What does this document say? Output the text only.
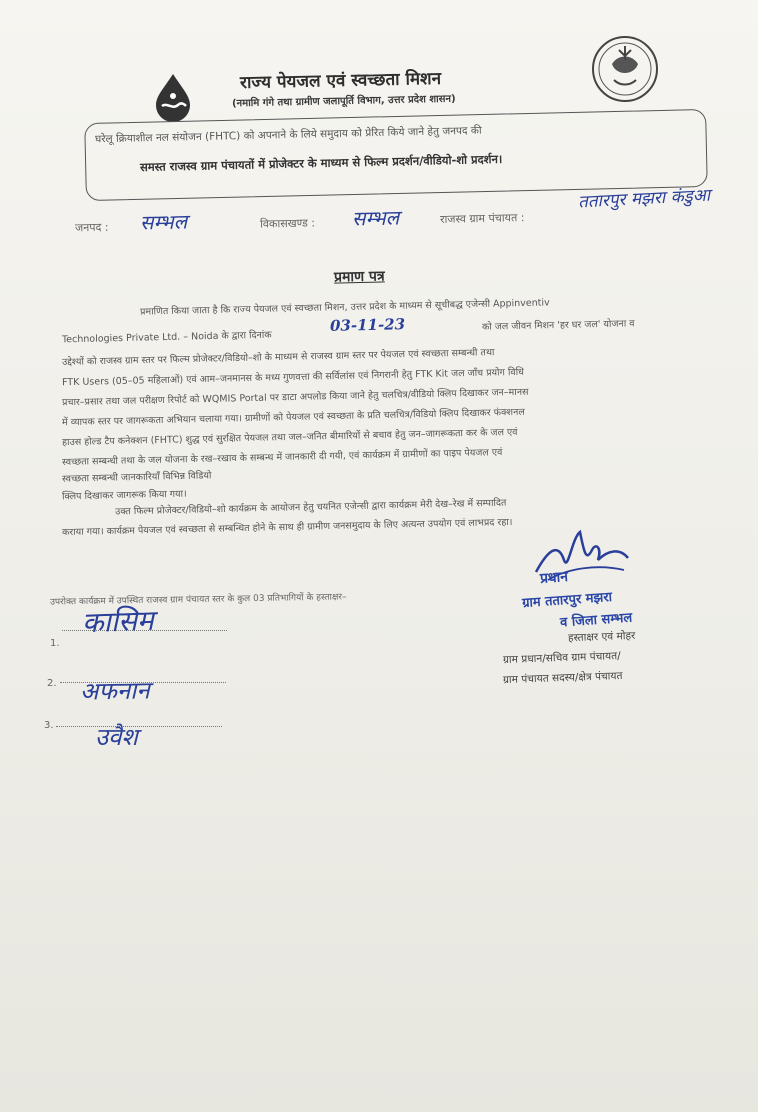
राज्य पेयजल एवं स्वच्छता मिशन
(नमामि गंगे तथा ग्रामीण जलापूर्ति विभाग, उत्तर प्रदेश शासन)
घरेलू क्रियाशील नल संयोजन (FHTC) को अपनाने के लिये समुदाय को प्रेरित किये जाने हेतु जनपद की
समस्त राजस्व ग्राम पंचायतों में प्रोजेक्टर के माध्यम से फिल्म प्रदर्शन/वीडियो-शो प्रदर्शन।
जनपद : सम्भल	विकासखण्ड : सम्भल	राजस्व ग्राम पंचायत :
ततारपुर मझरा कंडुआ
प्रमाण पत्र
प्रमाणित किया जाता है कि राज्य पेयजल एवं स्वच्छता मिशन, उत्तर प्रदेश के माध्यम से सूचीबद्ध एजेन्सी Appinventiv
Technologies Private Ltd. – Noida के द्वारा दिनांक
03-11-23	को जल जीवन मिशन 'हर घर जल' योजना व
उद्देश्यों को राजस्व ग्राम स्तर पर फिल्म प्रोजेक्टर/विडियो–शो के माध्यम से राजस्व ग्राम स्तर पर पेयजल एवं स्वच्छता सम्बन्धी तथा
FTK Users (05–05 महिलाओं) एवं आम–जनमानस के मध्य गुणवत्ता की सर्विलांस एवं निगरानी हेतु FTK Kit जल जाँच प्रयोग विधि
प्रचार–प्रसार तथा जल परीक्षण रिपोर्ट को WQMIS Portal पर डाटा अपलोड किया जाने हेतु चलचित्र/वीडियो क्लिप दिखाकर जन–मानस
में व्यापक स्तर पर जागरूकता अभियान चलाया गया। ग्रामीणों को पेयजल एवं स्वच्छता के प्रति चलचित्र/विडियो क्लिप दिखाकर फंक्शनल
हाउस होल्ड टैप कनेक्शन (FHTC) शुद्ध एवं सुरक्षित पेयजल तथा जल–जनित बीमारियों से बचाव हेतु जन–जागरूकता कर के जल एवं
स्वच्छता सम्बन्धी तथा के जल योजना के रख–रखाव के सम्बन्ध में जानकारी दी गयी, एवं कार्यक्रम में ग्रामीणों का पाइप पेयजल एवं
स्वच्छता सम्बन्धी जानकारियाँ विभिन्न विडियो
क्लिप दिखाकर जागरूक किया गया।
उक्त फिल्म प्रोजेक्टर/विडियो–शो कार्यक्रम के आयोजन हेतु चयनित एजेन्सी द्वारा कार्यक्रम मेरी देख–रेख में सम्पादित
कराया गया। कार्यक्रम पेयजल एवं स्वच्छता से सम्बन्धित होने के साथ ही ग्रामीण जनसमुदाय के लिए अत्यन्त उपयोग एवं लाभप्रद रहा।
उपरोक्त कार्यक्रम में उपस्थित राजस्व ग्राम पंचायत स्तर के कुल 03 प्रतिभागियों के हस्ताक्षर–
1.
कासिम
2. अफनान
3. उवैश
प्रधान
ग्राम ततारपुर मझरा
व जिला सम्भल
हस्ताक्षर एवं मोहर
ग्राम प्रधान/सचिव ग्राम पंचायत/
ग्राम पंचायत सदस्य/क्षेत्र पंचायत
